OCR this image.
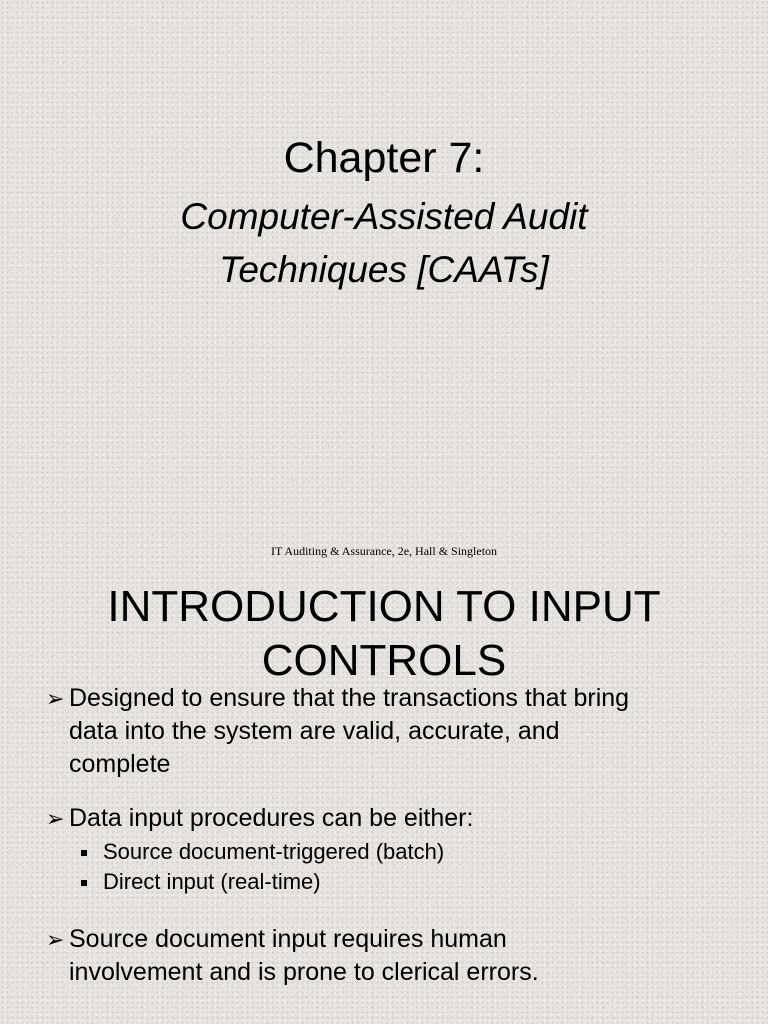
Chapter 7:
Computer-Assisted Audit
Techniques [CAATs]
IT Auditing & Assurance, 2e, Hall & Singleton
INTRODUCTION TO INPUT
CONTROLS
➢ Designed to ensure that the transactions that bring
data into the system are valid, accurate, and
complete
➢ Data input procedures can be either:
Source document-triggered (batch)
Direct input (real-time)
➢ Source document input requires human
involvement and is prone to clerical errors.
